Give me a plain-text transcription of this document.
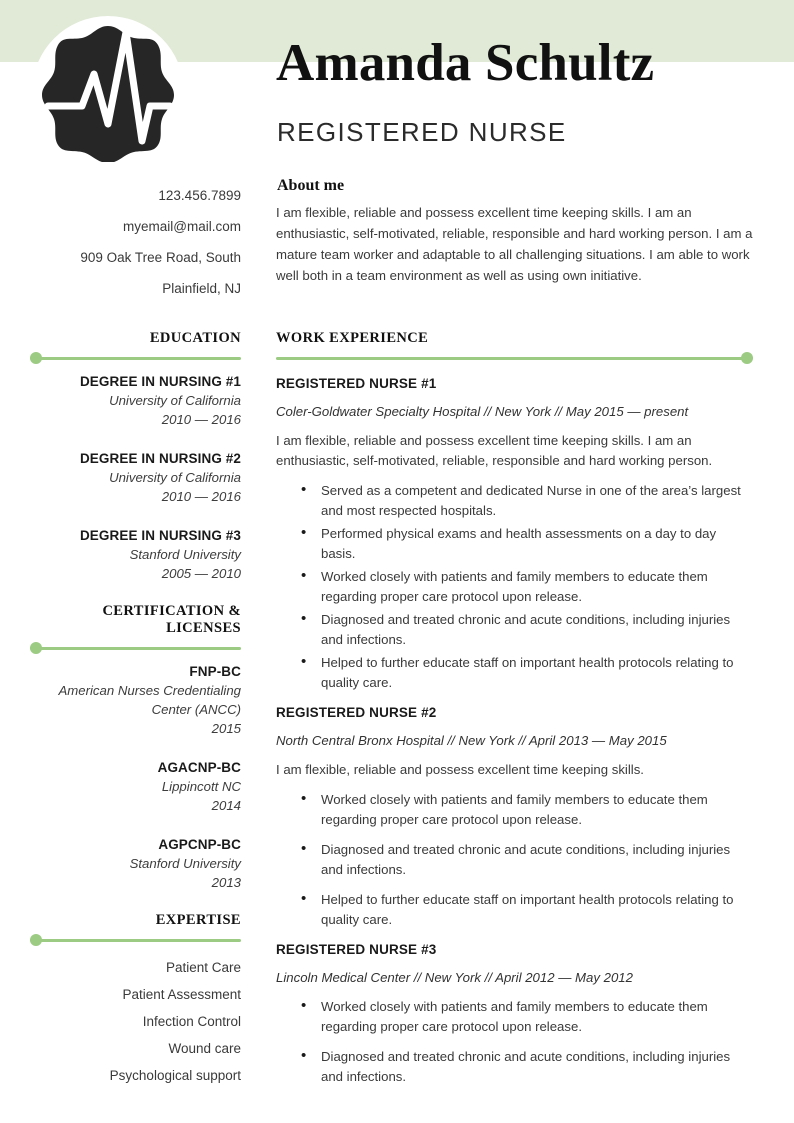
Amanda Schultz
REGISTERED NURSE
123.456.7899
myemail@mail.com
909 Oak Tree Road, South
Plainfield, NJ
About me
I am flexible, reliable and possess excellent time keeping skills. I am an enthusiastic, self-motivated, reliable, responsible and hard working person. I am a mature team worker and adaptable to all challenging situations. I am able to work well both in a team environment as well as using own initiative.
EDUCATION
DEGREE IN NURSING #1
University of California
2010 — 2016
DEGREE IN NURSING #2
University of California
2010 — 2016
DEGREE IN NURSING #3
Stanford University
2005 — 2010
CERTIFICATION & LICENSES
FNP-BC
American Nurses Credentialing
Center (ANCC)
2015
AGACNP-BC
Lippincott NC
2014
AGPCNP-BC
Stanford University
2013
EXPERTISE
Patient Care
Patient Assessment
Infection Control
Wound care
Psychological support
WORK EXPERIENCE
REGISTERED NURSE #1
Coler-Goldwater Specialty Hospital // New York // May 2015 — present
I am flexible, reliable and possess excellent time keeping skills. I am an enthusiastic, self-motivated, reliable, responsible and hard working person.
• Served as a competent and dedicated Nurse in one of the area’s largest and most respected hospitals.
• Performed physical exams and health assessments on a day to day basis.
• Worked closely with patients and family members to educate them regarding proper care protocol upon release.
• Diagnosed and treated chronic and acute conditions, including injuries and infections.
• Helped to further educate staff on important health protocols relating to quality care.
REGISTERED NURSE #2
North Central Bronx Hospital // New York // April 2013 — May 2015
I am flexible, reliable and possess excellent time keeping skills.
• Worked closely with patients and family members to educate them regarding proper care protocol upon release.
• Diagnosed and treated chronic and acute conditions, including injuries and infections.
• Helped to further educate staff on important health protocols relating to quality care.
REGISTERED NURSE #3
Lincoln Medical Center // New York // April 2012 — May 2012
• Worked closely with patients and family members to educate them regarding proper care protocol upon release.
• Diagnosed and treated chronic and acute conditions, including injuries and infections.
